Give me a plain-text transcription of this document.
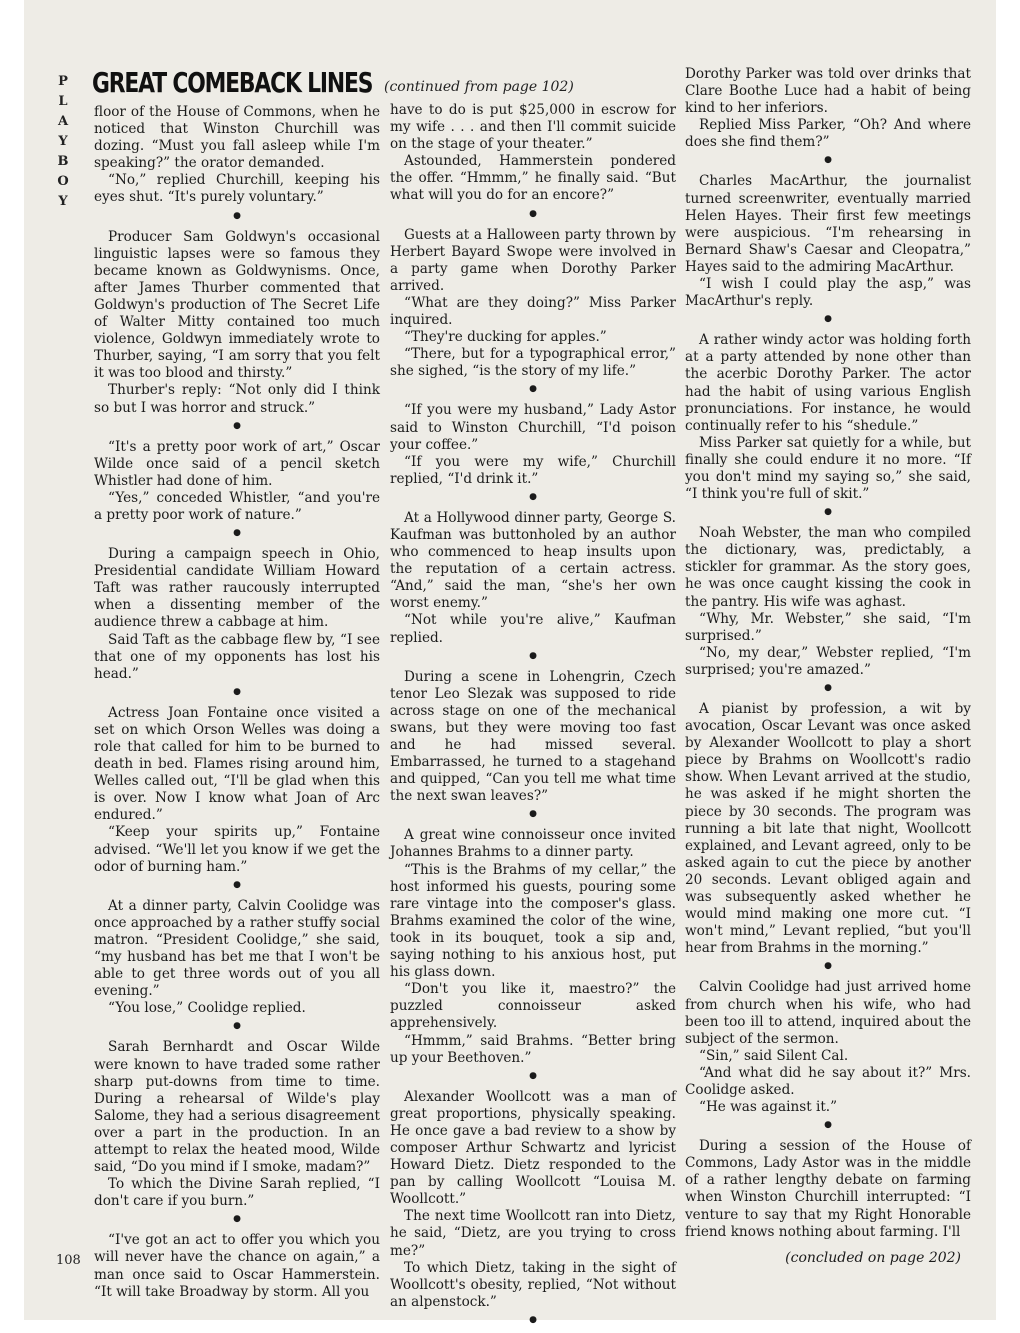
P
L
A
Y
B
O
Y
GREAT COMEBACK LINES (continued from page 102)

floor of the House of Commons, when he noticed that Winston Churchill was dozing. “Must you fall asleep while I'm speaking?” the orator demanded.

“No,” replied Churchill, keeping his eyes shut. “It's purely voluntary.”

●

Producer Sam Goldwyn's occasional linguistic lapses were so famous they became known as Goldwynisms. Once, after James Thurber commented that Goldwyn's production of The Secret Life of Walter Mitty contained too much violence, Goldwyn immediately wrote to Thurber, saying, “I am sorry that you felt it was too blood and thirsty.”

Thurber's reply: “Not only did I think so but I was horror and struck.”

●

“It's a pretty poor work of art,” Oscar Wilde once said of a pencil sketch Whistler had done of him.

“Yes,” conceded Whistler, “and you're a pretty poor work of nature.”

●

During a campaign speech in Ohio, Presidential candidate William Howard Taft was rather raucously interrupted when a dissenting member of the audience threw a cabbage at him.

Said Taft as the cabbage flew by, “I see that one of my opponents has lost his head.”

●

Actress Joan Fontaine once visited a set on which Orson Welles was doing a role that called for him to be burned to death in bed. Flames rising around him, Welles called out, “I'll be glad when this is over. Now I know what Joan of Arc endured.”

“Keep your spirits up,” Fontaine advised. “We'll let you know if we get the odor of burning ham.”

●

At a dinner party, Calvin Coolidge was once approached by a rather stuffy social matron. “President Coolidge,” she said, “my husband has bet me that I won't be able to get three words out of you all evening.”

“You lose,” Coolidge replied.

●

Sarah Bernhardt and Oscar Wilde were known to have traded some rather sharp put-downs from time to time. During a rehearsal of Wilde's play Salome, they had a serious disagreement over a part in the production. In an attempt to relax the heated mood, Wilde said, “Do you mind if I smoke, madam?”

To which the Divine Sarah replied, “I don't care if you burn.”

●

“I've got an act to offer you which you will never have the chance on again,” a man once said to Oscar Hammerstein. “It will take Broadway by storm. All you

have to do is put $25,000 in escrow for my wife . . . and then I'll commit suicide on the stage of your theater.”

Astounded, Hammerstein pondered the offer. “Hmmm,” he finally said. “But what will you do for an encore?”

●

Guests at a Halloween party thrown by Herbert Bayard Swope were involved in a party game when Dorothy Parker arrived.

“What are they doing?” Miss Parker inquired.

“They're ducking for apples.”

“There, but for a typographical error,” she sighed, “is the story of my life.”

●

“If you were my husband,” Lady Astor said to Winston Churchill, “I'd poison your coffee.”

“If you were my wife,” Churchill replied, “I'd drink it.”

●

At a Hollywood dinner party, George S. Kaufman was buttonholed by an author who commenced to heap insults upon the reputation of a certain actress. “And,” said the man, “she's her own worst enemy.”

“Not while you're alive,” Kaufman replied.

●

During a scene in Lohengrin, Czech tenor Leo Slezak was supposed to ride across stage on one of the mechanical swans, but they were moving too fast and he had missed several. Embarrassed, he turned to a stagehand and quipped, “Can you tell me what time the next swan leaves?”

●

A great wine connoisseur once invited Johannes Brahms to a dinner party.

“This is the Brahms of my cellar,” the host informed his guests, pouring some rare vintage into the composer's glass. Brahms examined the color of the wine, took in its bouquet, took a sip and, saying nothing to his anxious host, put his glass down.

“Don't you like it, maestro?” the puzzled connoisseur asked apprehensively.

“Hmmm,” said Brahms. “Better bring up your Beethoven.”

●

Alexander Woollcott was a man of great proportions, physically speaking. He once gave a bad review to a show by composer Arthur Schwartz and lyricist Howard Dietz. Dietz responded to the pan by calling Woollcott “Louisa M. Woollcott.”

The next time Woollcott ran into Dietz, he said, “Dietz, are you trying to cross me?”

To which Dietz, taking in the sight of Woollcott's obesity, replied, “Not without an alpenstock.”

●

Dorothy Parker was told over drinks that Clare Boothe Luce had a habit of being kind to her inferiors.

Replied Miss Parker, “Oh? And where does she find them?”

●

Charles MacArthur, the journalist turned screenwriter, eventually married Helen Hayes. Their first few meetings were auspicious. “I'm rehearsing in Bernard Shaw's Caesar and Cleopatra,” Hayes said to the admiring MacArthur.

“I wish I could play the asp,” was MacArthur's reply.

●

A rather windy actor was holding forth at a party attended by none other than the acerbic Dorothy Parker. The actor had the habit of using various English pronunciations. For instance, he would continually refer to his “shedule.”

Miss Parker sat quietly for a while, but finally she could endure it no more. “If you don't mind my saying so,” she said, “I think you're full of skit.”

●

Noah Webster, the man who compiled the dictionary, was, predictably, a stickler for grammar. As the story goes, he was once caught kissing the cook in the pantry. His wife was aghast.

“Why, Mr. Webster,” she said, “I'm surprised.”

“No, my dear,” Webster replied, “I'm surprised; you're amazed.”

●

A pianist by profession, a wit by avocation, Oscar Levant was once asked by Alexander Woollcott to play a short piece by Brahms on Woollcott's radio show. When Levant arrived at the studio, he was asked if he might shorten the piece by 30 seconds. The program was running a bit late that night, Woollcott explained, and Levant agreed, only to be asked again to cut the piece by another 20 seconds. Levant obliged again and was subsequently asked whether he would mind making one more cut. “I won't mind,” Levant replied, “but you'll hear from Brahms in the morning.”

●

Calvin Coolidge had just arrived home from church when his wife, who had been too ill to attend, inquired about the subject of the sermon.

“Sin,” said Silent Cal.

“And what did he say about it?” Mrs. Coolidge asked.

“He was against it.”

●

During a session of the House of Commons, Lady Astor was in the middle of a rather lengthy debate on farming when Winston Churchill interrupted: “I venture to say that my Right Honorable friend knows nothing about farming. I'll

108	(concluded on page 202)
